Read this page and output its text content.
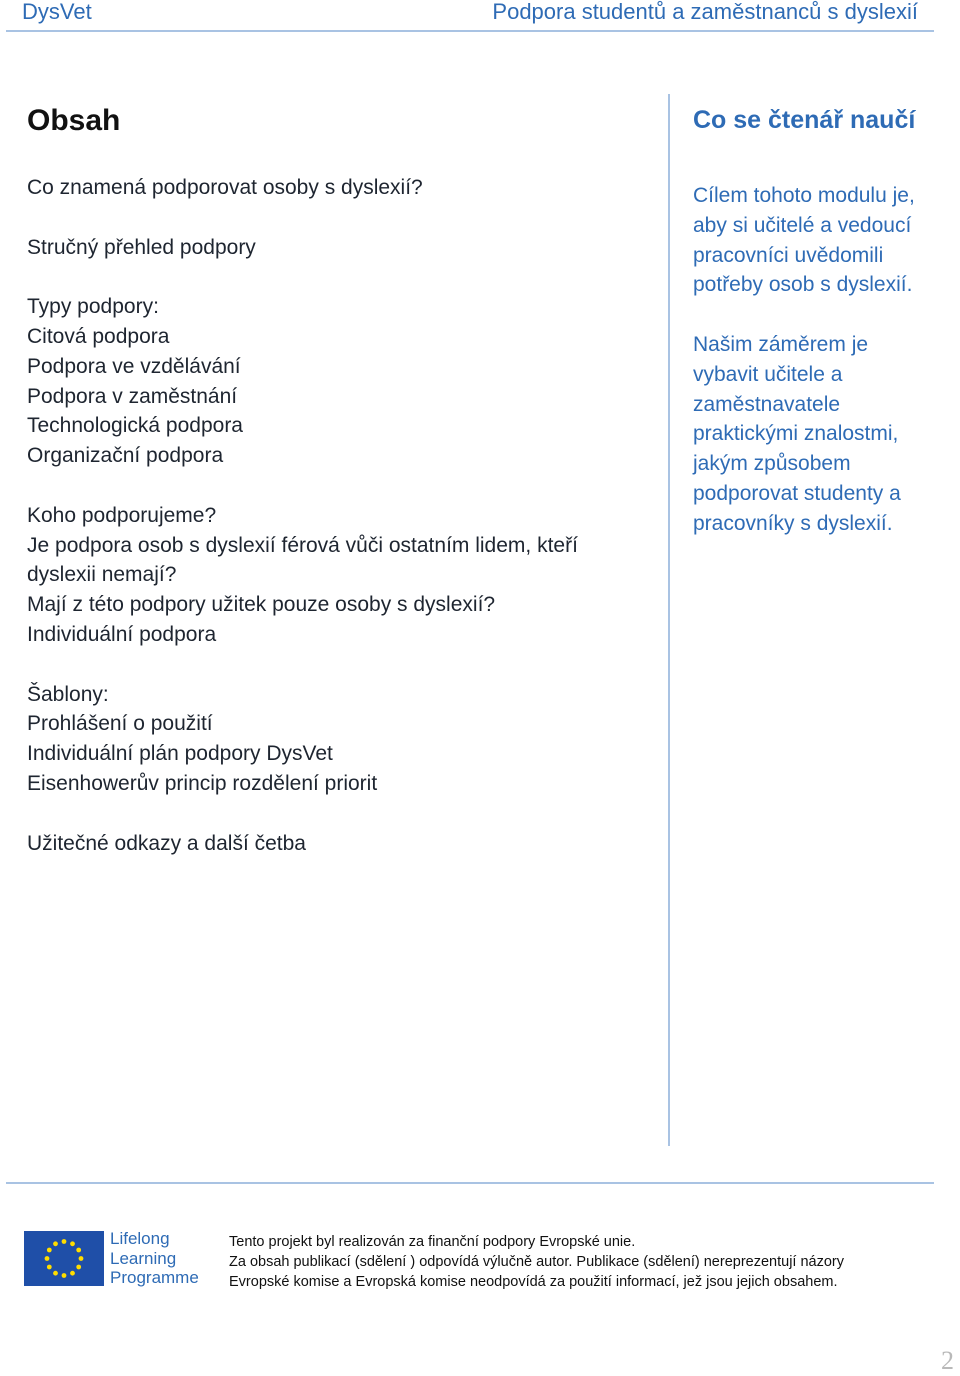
DysVet	Podpora studentů a zaměstnanců s dyslexií
Obsah
Co znamená podporovat osoby s dyslexií?
Stručný přehled podpory
Typy podpory:
Citová podpora
Podpora ve vzdělávání
Podpora v zaměstnání
Technologická podpora
Organizační podpora
Koho podporujeme?
Je podpora osob s dyslexií férová vůči ostatním lidem, kteří dyslexii nemají?
Mají z této podpory užitek pouze osoby s dyslexií?
Individuální podpora
Šablony:
Prohlášení o použití
Individuální plán podpory DysVet
Eisenhowerův princip rozdělení priorit
Užitečné odkazy a další četba
Co se čtenář naučí
Cílem tohoto modulu je, aby si učitelé a vedoucí pracovníci uvědomili potřeby osob s dyslexií.
Našim záměrem je vybavit učitele a zaměstnavatele praktickými znalostmi, jakým způsobem podporovat studenty a pracovníky s dyslexií.
Lifelong
Learning
Programme
Tento projekt byl realizován za finanční podpory Evropské unie.
Za obsah publikací (sdělení ) odpovídá výlučně autor. Publikace (sdělení) nereprezentují názory
Evropské komise a Evropská komise neodpovídá za použití informací, jež jsou jejich obsahem.
2
